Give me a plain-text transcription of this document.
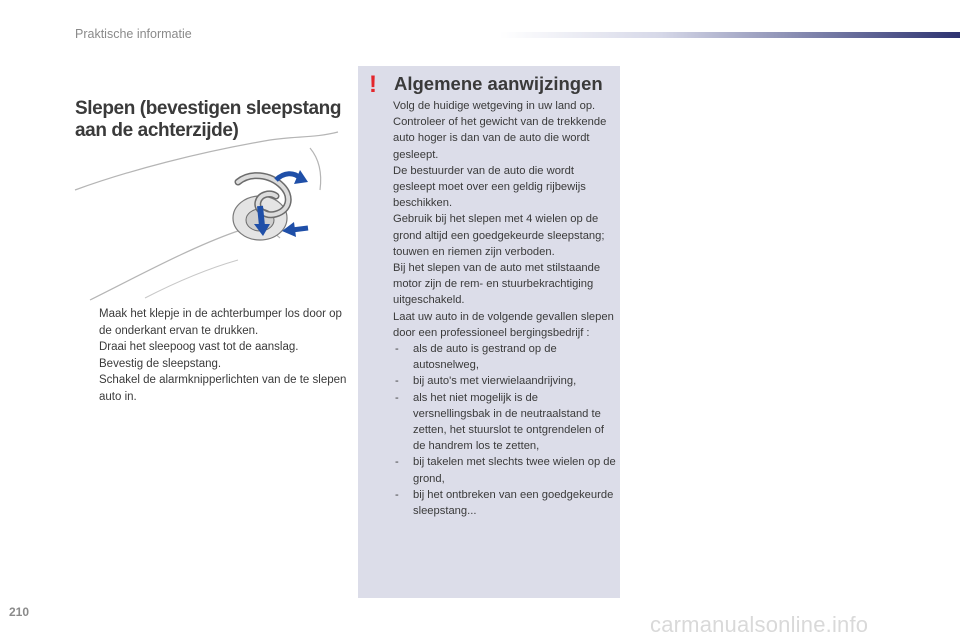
Praktische informatie
Slepen (bevestigen sleepstang aan de achterzijde)
Maak het klepje in de achterbumper los door op de onderkant ervan te drukken.
Draai het sleepoog vast tot de aanslag.
Bevestig de sleepstang.
Schakel de alarmknipperlichten van de te slepen auto in.
! Algemene aanwijzingen

Volg de huidige wetgeving in uw land op.

Controleer of het gewicht van de trekkende auto hoger is dan van de auto die wordt gesleept.

De bestuurder van de auto die wordt gesleept moet over een geldig rijbewijs beschikken.

Gebruik bij het slepen met 4 wielen op de grond altijd een goedgekeurde sleepstang; touwen en riemen zijn verboden.

Bij het slepen van de auto met stilstaande motor zijn de rem- en stuurbekrachtiging uitgeschakeld.

Laat uw auto in de volgende gevallen slepen door een professioneel bergingsbedrijf :

- als de auto is gestrand op de autosnelweg,
- bij auto's met vierwielaandrijving,
- als het niet mogelijk is de versnellingsbak in de neutraalstand te zetten, het stuurslot te ontgrendelen of de handrem los te zetten,
- bij takelen met slechts twee wielen op de grond,
- bij het ontbreken van een goedgekeurde sleepstang...
210	carmanualsonline.info
